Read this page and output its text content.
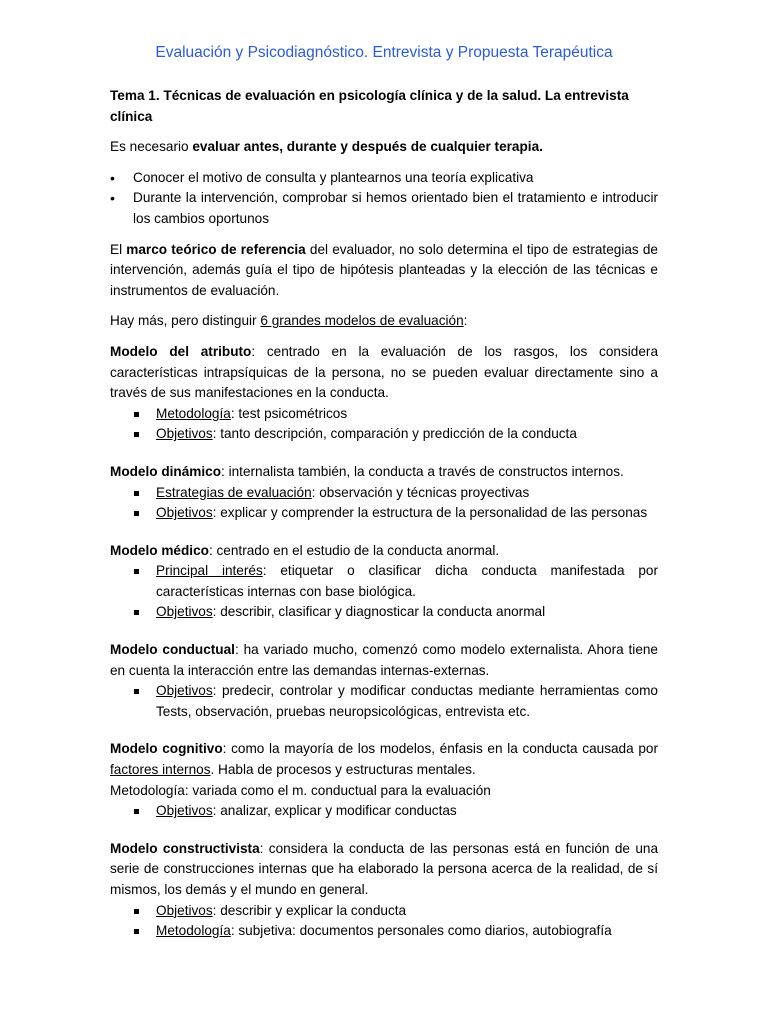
Evaluación y Psicodiagnóstico. Entrevista y Propuesta Terapéutica

Tema 1. Técnicas de evaluación en psicología clínica y de la salud. La entrevista clínica

Es necesario evaluar antes, durante y después de cualquier terapia.

• Conocer el motivo de consulta y plantearnos una teoría explicativa
• Durante la intervención, comprobar si hemos orientado bien el tratamiento e introducir los cambios oportunos

El marco teórico de referencia del evaluador, no solo determina el tipo de estrategias de intervención, además guía el tipo de hipótesis planteadas y la elección de las técnicas e instrumentos de evaluación.

Hay más, pero distinguir 6 grandes modelos de evaluación:

Modelo del atributo: centrado en la evaluación de los rasgos, los considera características intrapsíquicas de la persona, no se pueden evaluar directamente sino a través de sus manifestaciones en la conducta.

Metodología: test psicométricos
Objetivos: tanto descripción, comparación y predicción de la conducta

Modelo dinámico: internalista también, la conducta a través de constructos internos.

Estrategias de evaluación: observación y técnicas proyectivas
Objetivos: explicar y comprender la estructura de la personalidad de las personas

Modelo médico: centrado en el estudio de la conducta anormal.

Principal interés: etiquetar o clasificar dicha conducta manifestada por características internas con base biológica.
Objetivos: describir, clasificar y diagnosticar la conducta anormal

Modelo conductual: ha variado mucho, comenzó como modelo externalista. Ahora tiene en cuenta la interacción entre las demandas internas-externas.

Objetivos: predecir, controlar y modificar conductas mediante herramientas como Tests, observación, pruebas neuropsicológicas, entrevista etc.

Modelo cognitivo: como la mayoría de los modelos, énfasis en la conducta causada por factores internos. Habla de procesos y estructuras mentales.

Metodología: variada como el m. conductual para la evaluación

Objetivos: analizar, explicar y modificar conductas

Modelo constructivista: considera la conducta de las personas está en función de una serie de construcciones internas que ha elaborado la persona acerca de la realidad, de sí mismos, los demás y el mundo en general.

Objetivos: describir y explicar la conducta
Metodología: subjetiva: documentos personales como diarios, autobiografía
